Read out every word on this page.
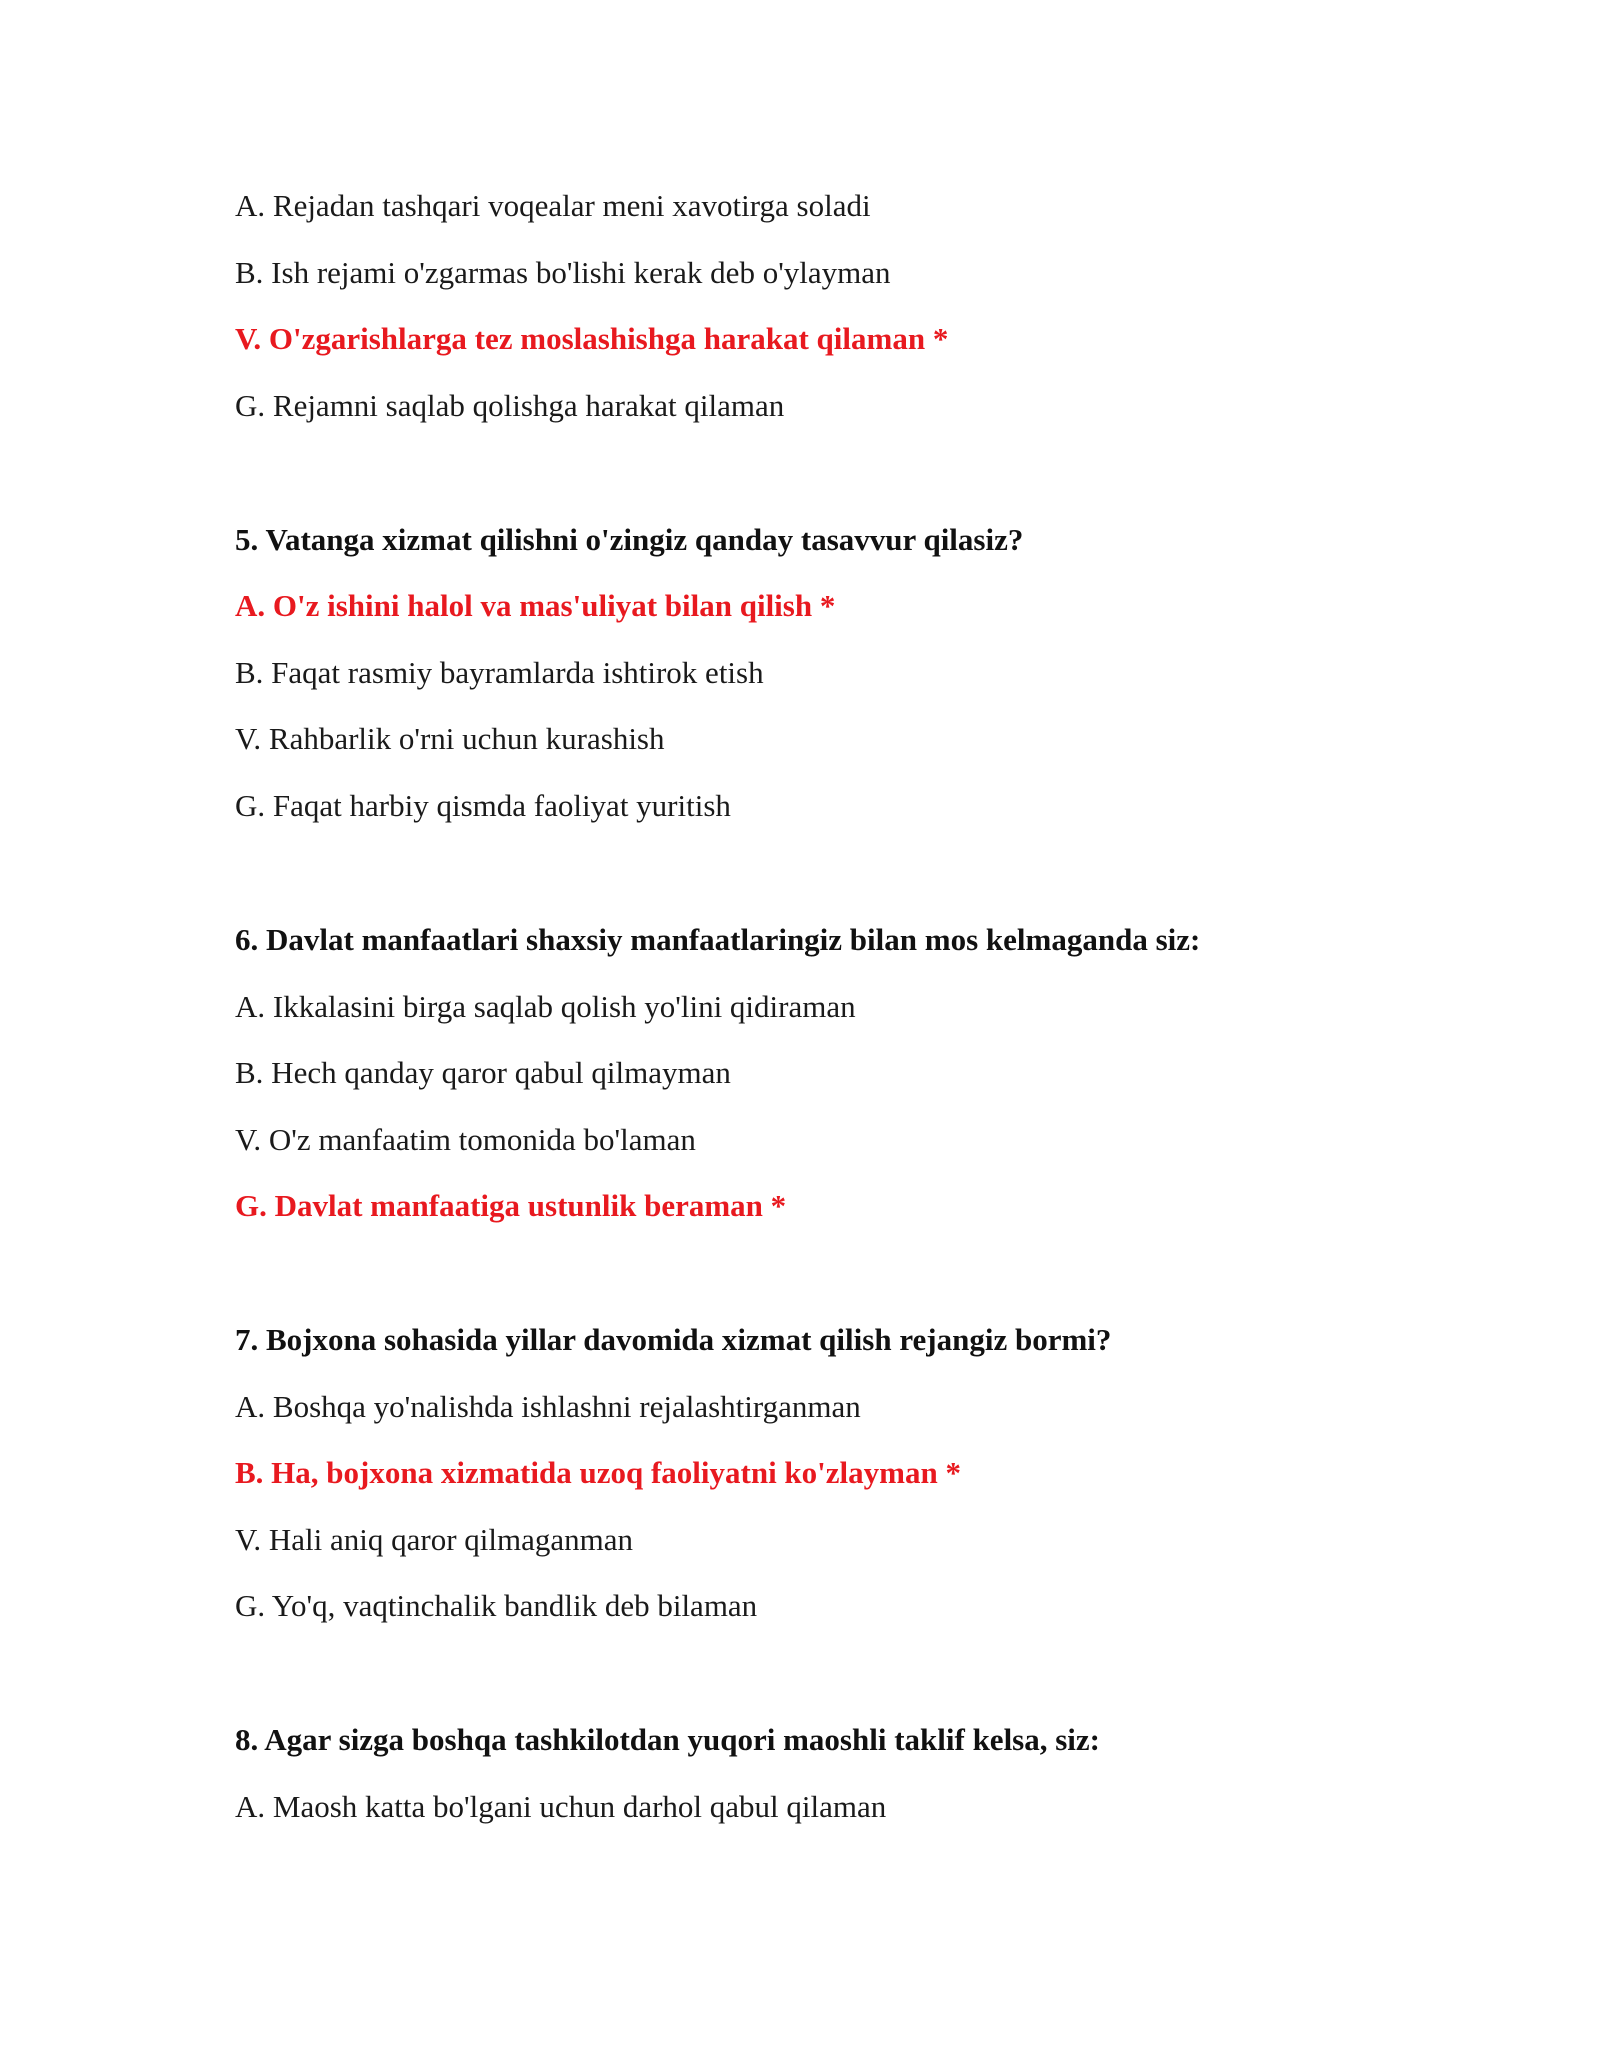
A. Rejadan tashqari voqealar meni xavotirga soladi
B. Ish rejami o'zgarmas bo'lishi kerak deb o'ylayman
V. O'zgarishlarga tez moslashishga harakat qilaman *
G. Rejamni saqlab qolishga harakat qilaman
5. Vatanga xizmat qilishni o'zingiz qanday tasavvur qilasiz?
A. O'z ishini halol va mas'uliyat bilan qilish *
B. Faqat rasmiy bayramlarda ishtirok etish
V. Rahbarlik o'rni uchun kurashish
G. Faqat harbiy qismda faoliyat yuritish
6. Davlat manfaatlari shaxsiy manfaatlaringiz bilan mos kelmaganda siz:
A. Ikkalasini birga saqlab qolish yo'lini qidiraman
B. Hech qanday qaror qabul qilmayman
V. O'z manfaatim tomonida bo'laman
G. Davlat manfaatiga ustunlik beraman *
7. Bojxona sohasida yillar davomida xizmat qilish rejangiz bormi?
A. Boshqa yo'nalishda ishlashni rejalashtirganman
B. Ha, bojxona xizmatida uzoq faoliyatni ko'zlayman *
V. Hali aniq qaror qilmaganman
G. Yo'q, vaqtinchalik bandlik deb bilaman
8. Agar sizga boshqa tashkilotdan yuqori maoshli taklif kelsa, siz:
A. Maosh katta bo'lgani uchun darhol qabul qilaman
